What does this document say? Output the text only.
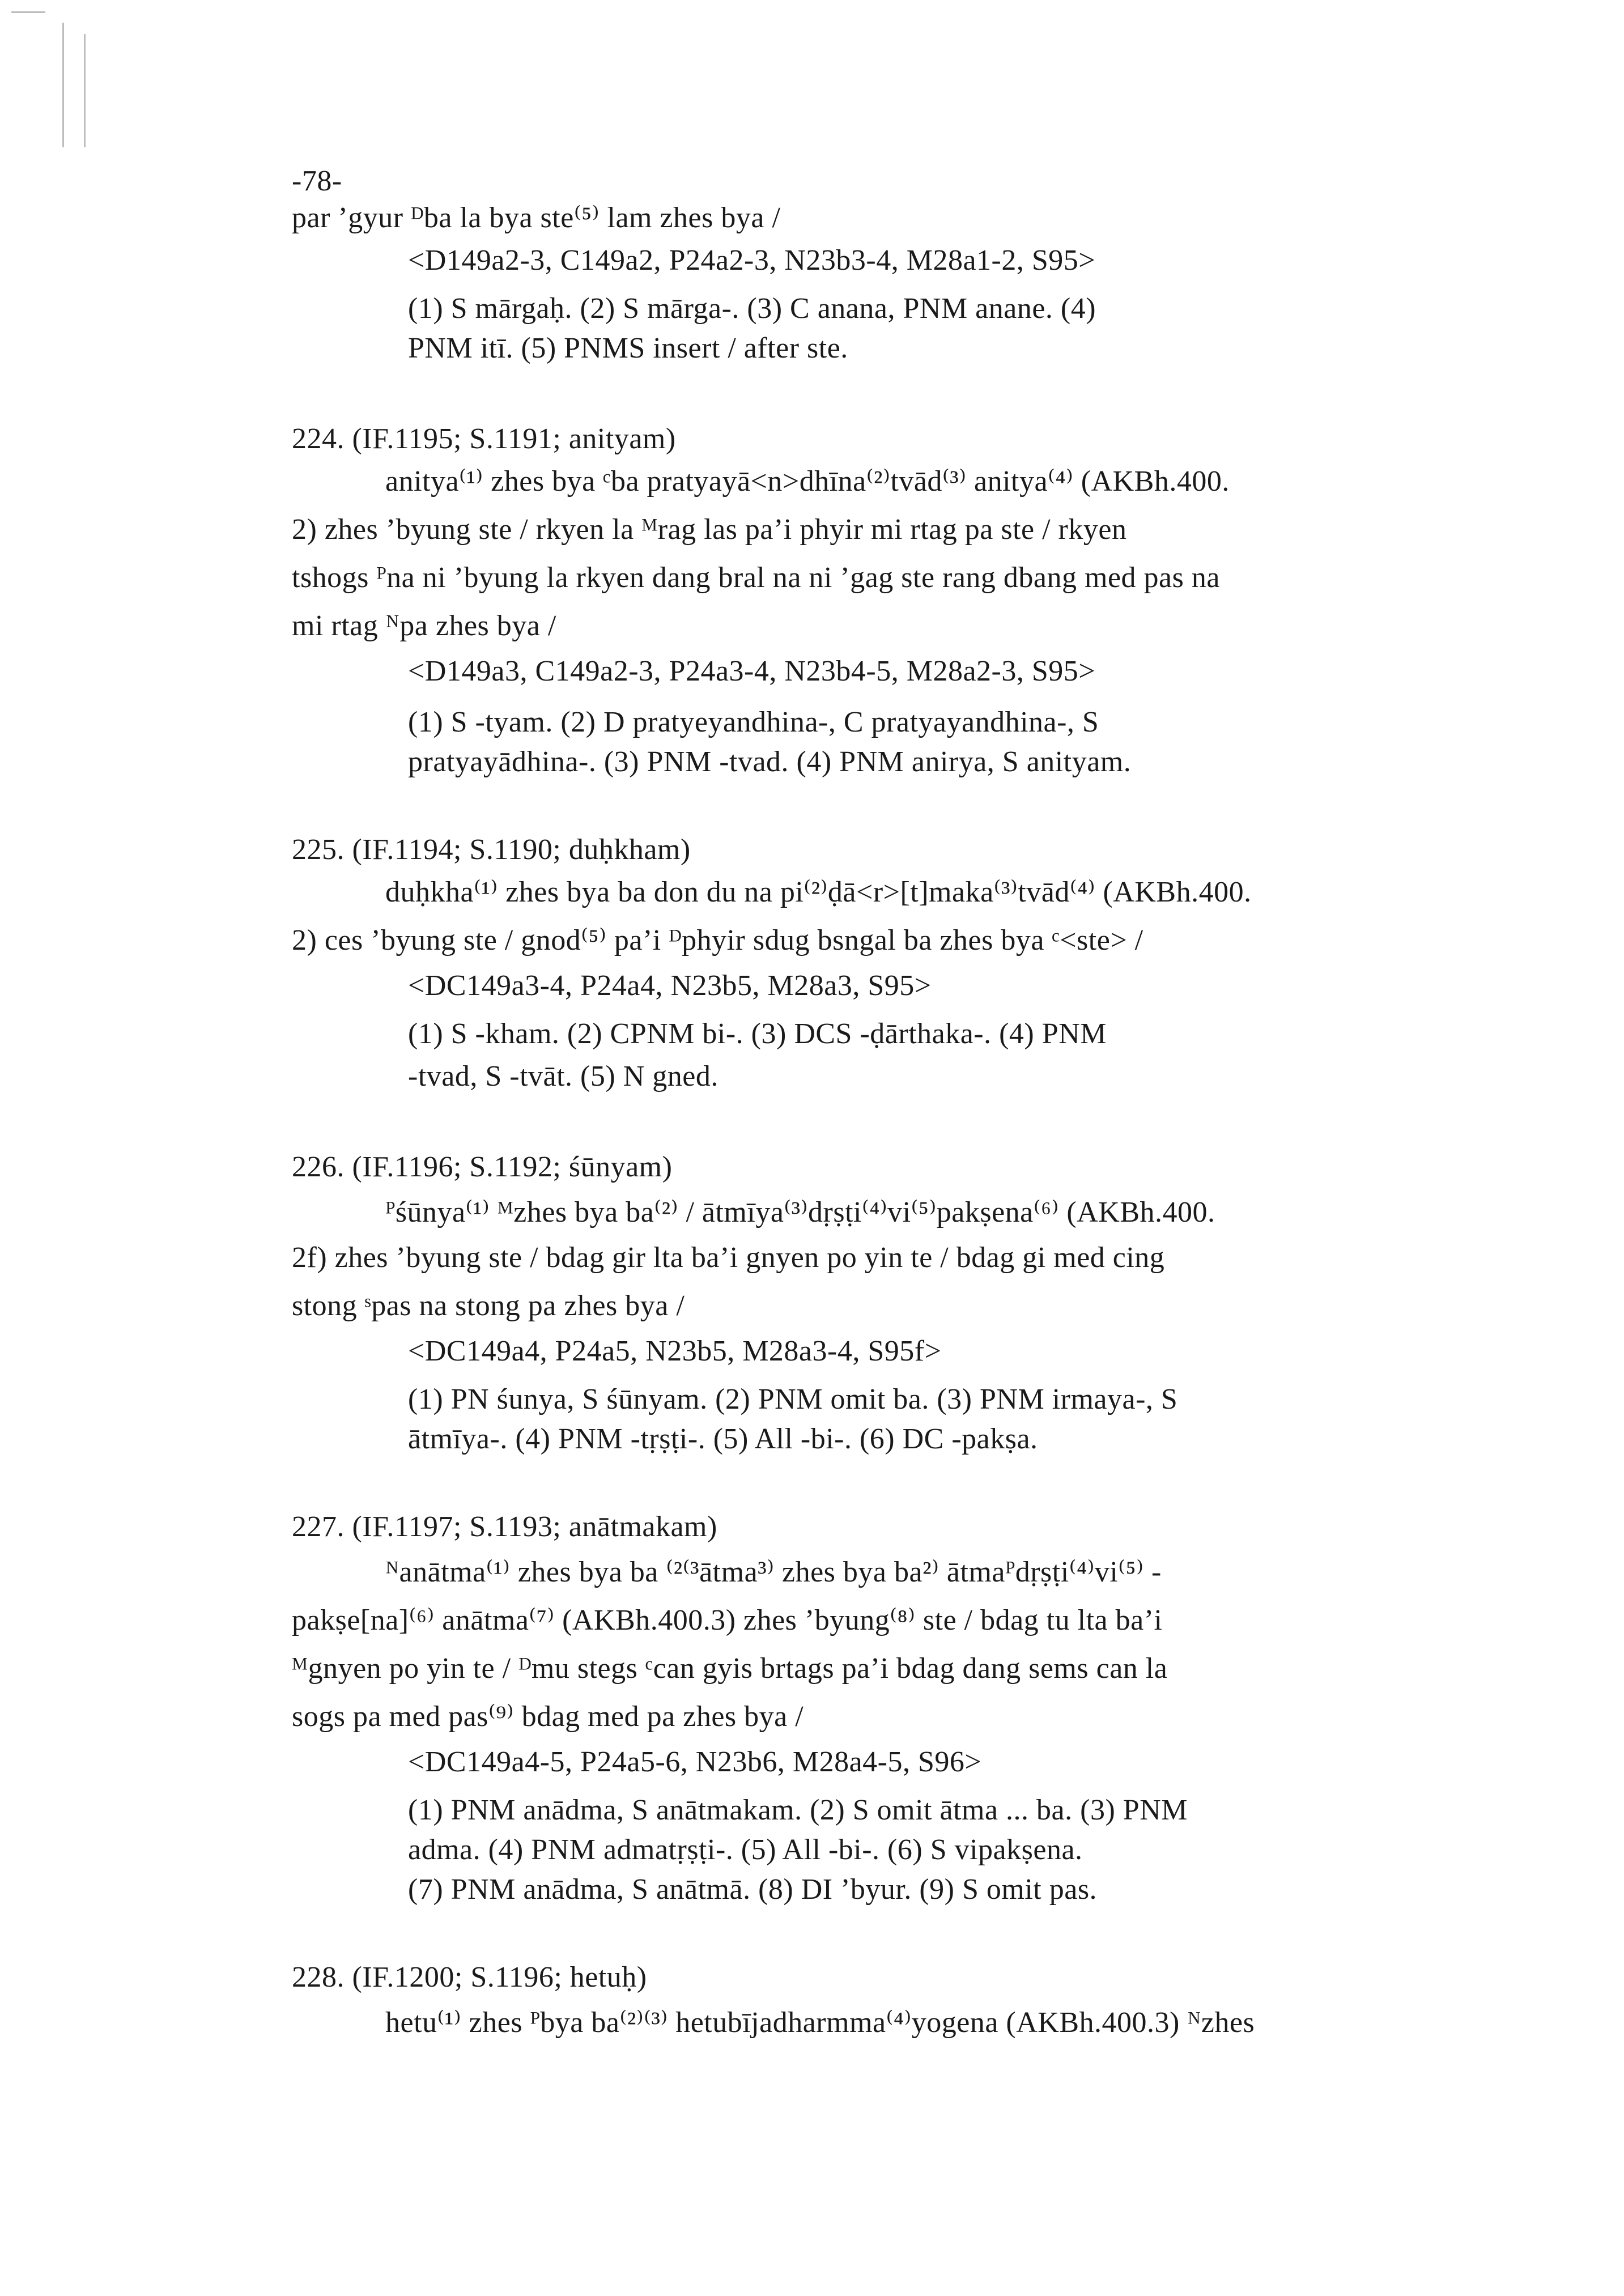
-78-
par ’gyur ᴰba la bya ste⁽⁵⁾ lam zhes bya /
<D149a2-3, C149a2, P24a2-3, N23b3-4, M28a1-2, S95>
(1) S mārgaḥ. (2) S mārga-. (3) C anana, PNM anane. (4)
PNM itī. (5) PNMS insert / after ste.
224. (IF.1195; S.1191; anityam)
anitya⁽¹⁾ zhes bya ᶜba pratyayā<n>dhīna⁽²⁾tvād⁽³⁾ anitya⁽⁴⁾ (AKBh.400.
2) zhes ’byung ste / rkyen la ᴹrag las pa’i phyir mi rtag pa ste / rkyen
tshogs ᴾna ni ’byung la rkyen dang bral na ni ’gag ste rang dbang med pas na
mi rtag ᴺpa zhes bya /
<D149a3, C149a2-3, P24a3-4, N23b4-5, M28a2-3, S95>
(1) S -tyam. (2) D pratyeyandhina-, C pratyayandhina-, S
pratyayādhina-. (3) PNM -tvad. (4) PNM anirya, S anityam.
225. (IF.1194; S.1190; duḥkham)
duḥkha⁽¹⁾ zhes bya ba don du na pi⁽²⁾ḍā<r>[t]maka⁽³⁾tvād⁽⁴⁾ (AKBh.400.
2) ces ’byung ste / gnod⁽⁵⁾ pa’i ᴰphyir sdug bsngal ba zhes bya ᶜ<ste> /
<DC149a3-4, P24a4, N23b5, M28a3, S95>
(1) S -kham. (2) CPNM bi-. (3) DCS -ḍārthaka-. (4) PNM
-tvad, S -tvāt. (5) N gned.
226. (IF.1196; S.1192; śūnyam)
ᴾśūnya⁽¹⁾ ᴹzhes bya ba⁽²⁾ / ātmīya⁽³⁾dṛṣṭi⁽⁴⁾vi⁽⁵⁾pakṣena⁽⁶⁾ (AKBh.400.
2f) zhes ’byung ste / bdag gir lta ba’i gnyen po yin te / bdag gi med cing
stong ˢpas na stong pa zhes bya /
<DC149a4, P24a5, N23b5, M28a3-4, S95f>
(1) PN śunya, S śūnyam. (2) PNM omit ba. (3) PNM irmaya-, S
ātmīya-. (4) PNM -tṛṣṭi-. (5) All -bi-. (6) DC -pakṣa.
227. (IF.1197; S.1193; anātmakam)
ᴺanātma⁽¹⁾ zhes bya ba ⁽²⁽³ātma³⁾ zhes bya ba²⁾ ātmaᴾdṛṣṭi⁽⁴⁾vi⁽⁵⁾ -
pakṣe[na]⁽⁶⁾ anātma⁽⁷⁾ (AKBh.400.3) zhes ’byung⁽⁸⁾ ste / bdag tu lta ba’i
ᴹgnyen po yin te / ᴰmu stegs ᶜcan gyis brtags pa’i bdag dang sems can la
sogs pa med pas⁽⁹⁾ bdag med pa zhes bya /
<DC149a4-5, P24a5-6, N23b6, M28a4-5, S96>
(1) PNM anādma, S anātmakam. (2) S omit ātma ... ba. (3) PNM
adma. (4) PNM admatṛṣṭi-. (5) All -bi-. (6) S vipakṣena.
(7) PNM anādma, S anātmā. (8) DI ’byur. (9) S omit pas.
228. (IF.1200; S.1196; hetuḥ)
hetu⁽¹⁾ zhes ᴾbya ba⁽²⁾⁽³⁾ hetubījadharmma⁽⁴⁾yogena (AKBh.400.3) ᴺzhes
